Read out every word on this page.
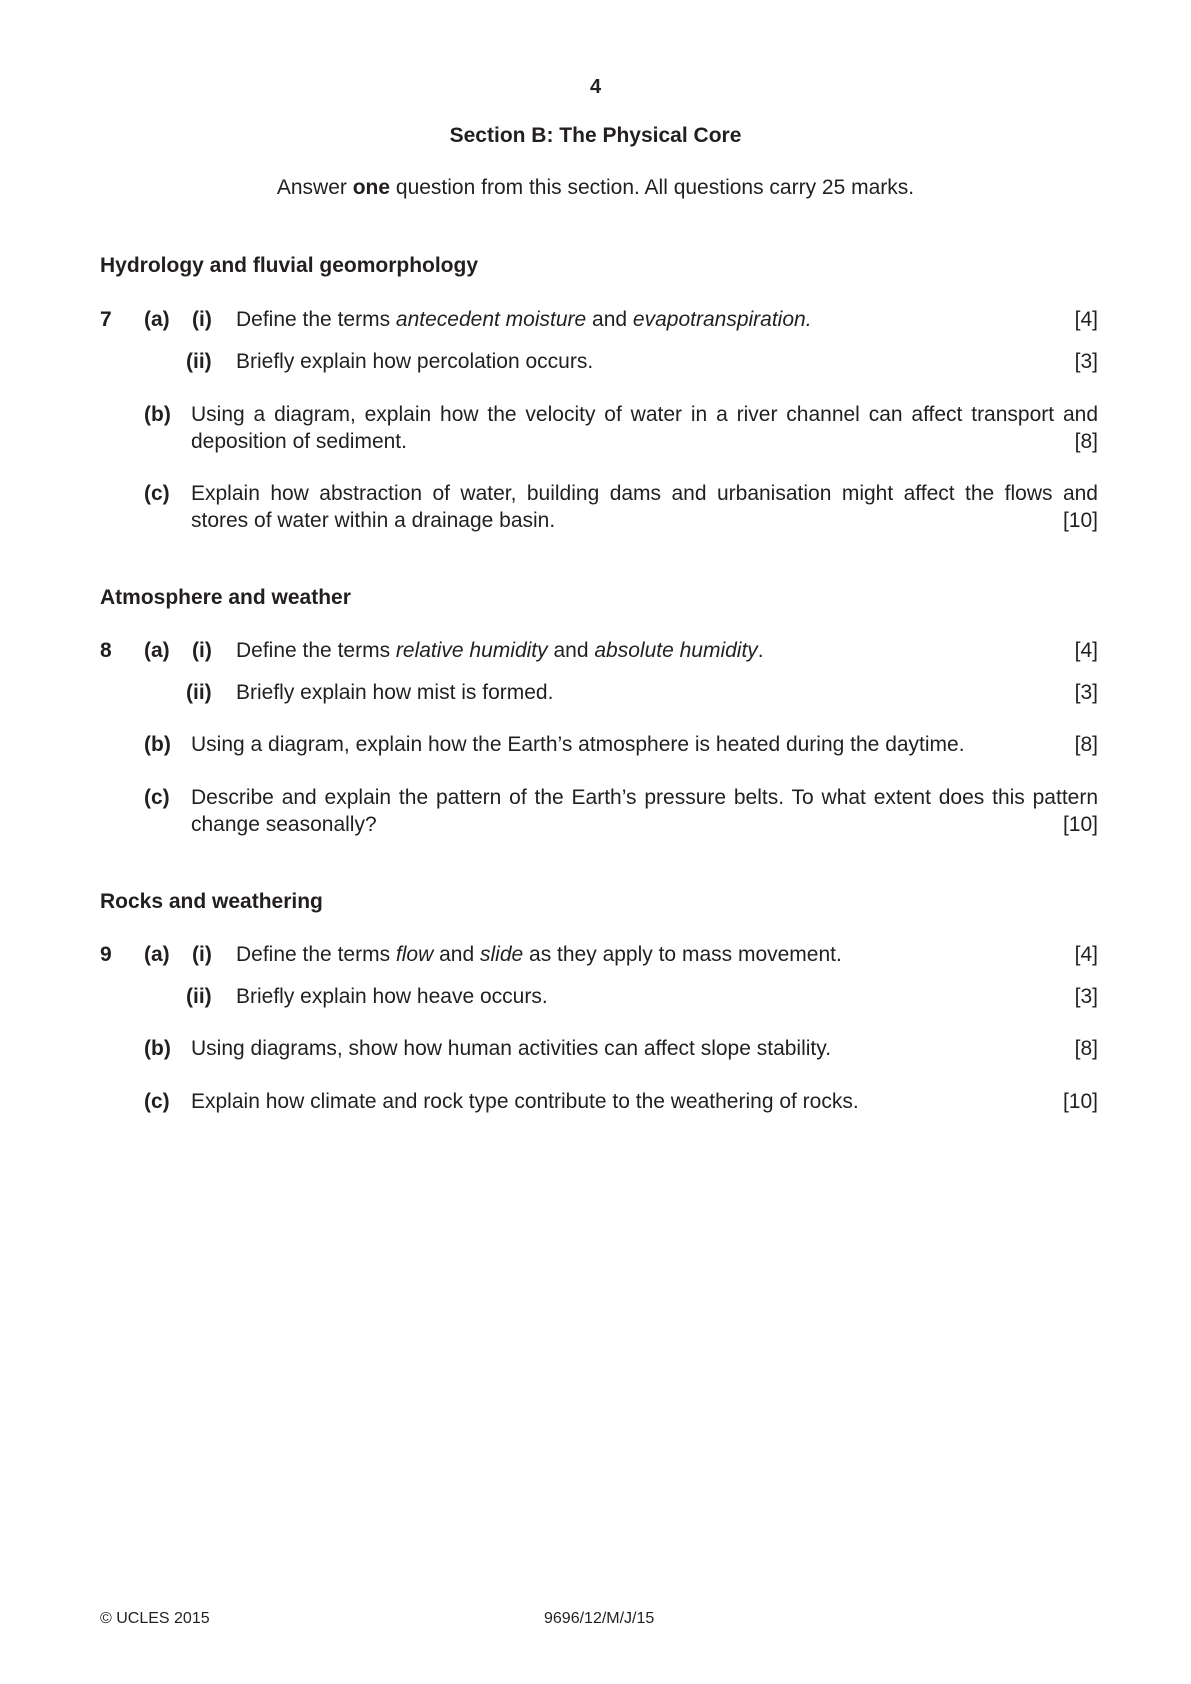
4
Section B: The Physical Core
Answer one question from this section. All questions carry 25 marks.
Hydrology and fluvial geomorphology
7 (a) (i) Define the terms antecedent moisture and evapotranspiration.	[4]
(ii) Briefly explain how percolation occurs.	[3]
(b) Using a diagram, explain how the velocity of water in a river channel can affect transport and
deposition of sediment.	[8]
(c) Explain how abstraction of water, building dams and urbanisation might affect the flows and
stores of water within a drainage basin.	[10]
Atmosphere and weather
8 (a) (i) Define the terms relative humidity and absolute humidity.	[4]
(ii) Briefly explain how mist is formed.	[3]
(b) Using a diagram, explain how the Earth’s atmosphere is heated during the daytime.	[8]
(c) Describe and explain the pattern of the Earth’s pressure belts. To what extent does this pattern
change seasonally?	[10]
Rocks and weathering
9 (a) (i) Define the terms flow and slide as they apply to mass movement.	[4]
(ii) Briefly explain how heave occurs.	[3]
(b) Using diagrams, show how human activities can affect slope stability.	[8]
(c) Explain how climate and rock type contribute to the weathering of rocks.	[10]
© UCLES 2015	9696/12/M/J/15
